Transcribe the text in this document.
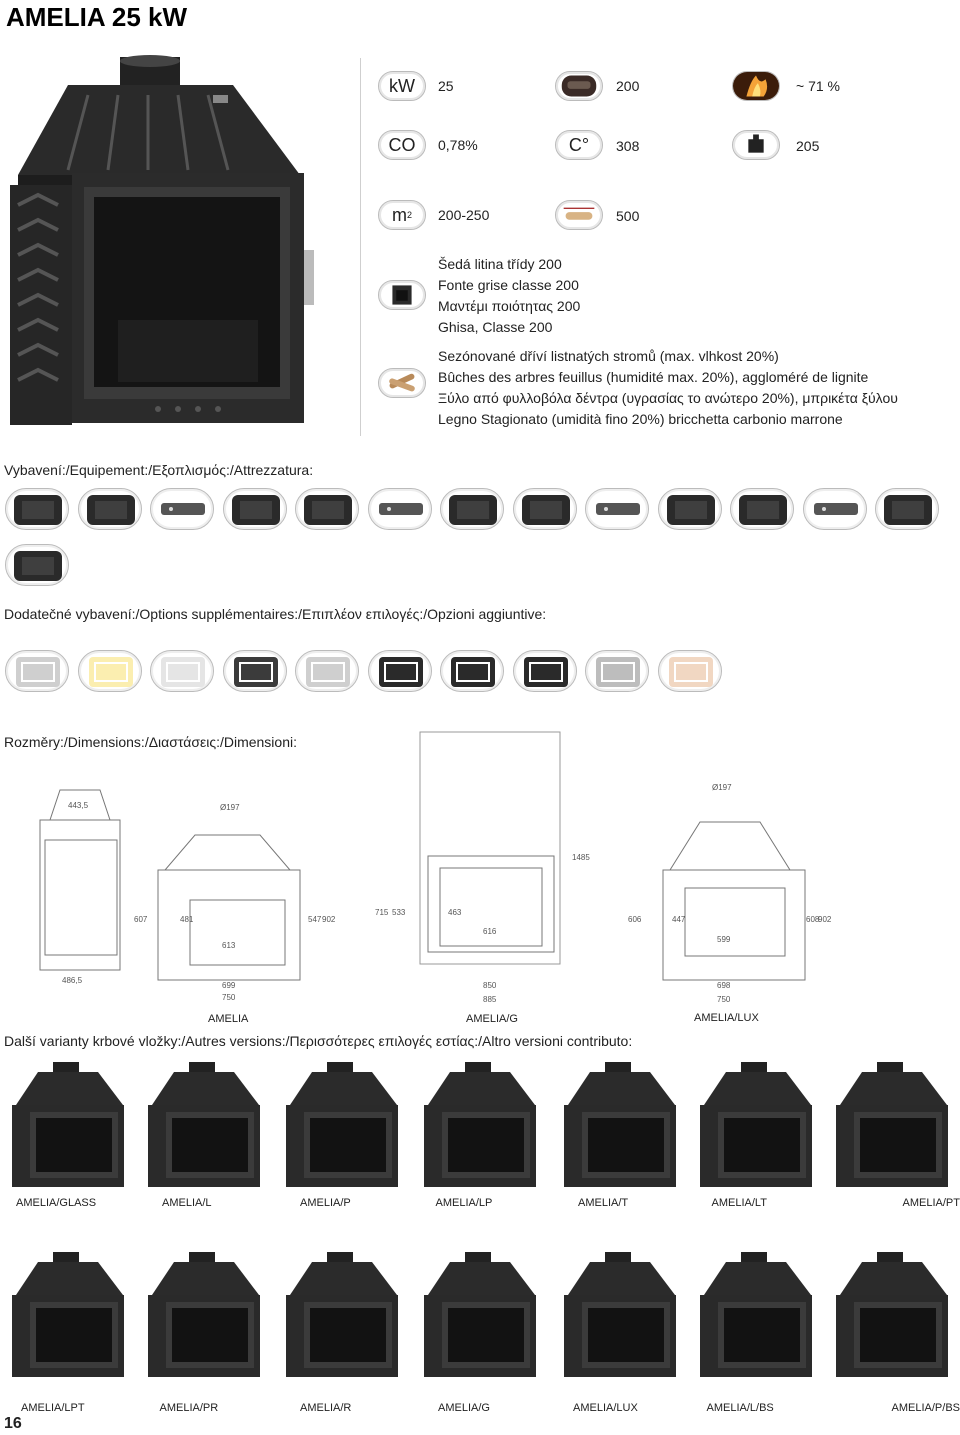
AMELIA 25 kW
kW 25	200	~ 71 %
CO 0,78%	C° 308	205
m 2 200-250	500
Šedá litina třídy 200
Fonte grise classe 200
Μαντέμι ποιότητας 200
Ghisa, Classe 200
Sezónované dříví listnatých stromů (max. vlhkost 20%)
Bûches des arbres feuillus (humidité max. 20%), aggloméré de lignite
Ξύλο από φυλλοβόλα δέντρα (υγρασίας το ανώτερο 20%), μπρικέτα ξύλου
Legno Stagionato (umidità fino 20%) bricchetta carbonio marrone
Vybavení:/Equipement:/Εξοπλισμός:/Attrezzatura:
Dodatečné vybavení:/Options supplémentaires:/Επιπλέον επιλογές:/Opzioni aggiuntive:
Rozměry:/Dimensions:/Διαστάσεις:/Dimensioni:
443,5
486,5
Ø197
613
699
750
481
607	547 902
1485
715 533	463
616
850
885
Ø197
599
698
750
447	608
902
606
AMELIA	AMELIA/G	AMELIA/LUX
Další varianty krbové vložky:/Autres versions:/Περισσότερες επιλογές εστίας:/Altro versioni contributo:
AMELIA/GLASS	AMELIA/L	AMELIA/P	AMELIA/LP	AMELIA/T	AMELIA/LT	AMELIA/PT
AMELIA/LPT	AMELIA/PR	AMELIA/R	AMELIA/G	AMELIA/LUX	AMELIA/L/BS	AMELIA/P/BS
16
